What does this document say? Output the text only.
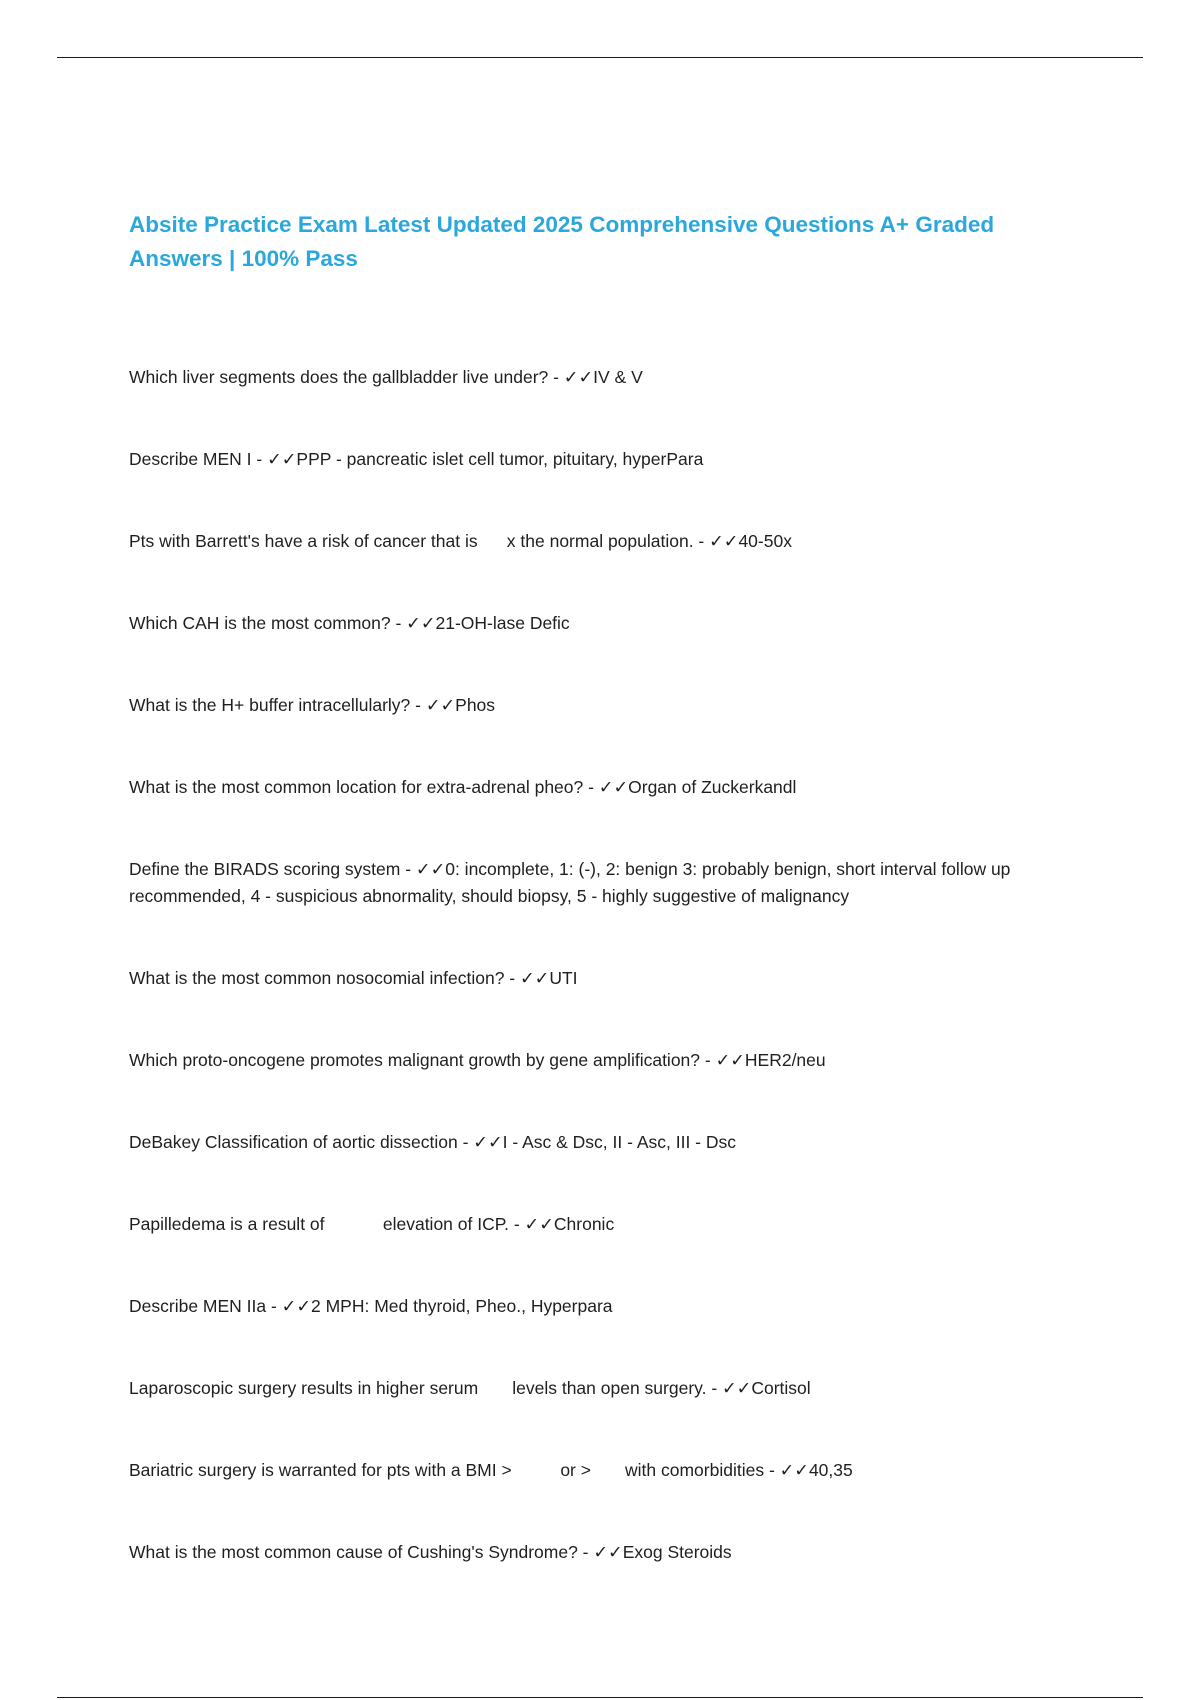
Absite Practice Exam Latest Updated 2025 Comprehensive Questions A+ Graded Answers | 100% Pass

Which liver segments does the gallbladder live under? - ✓✓IV & V

Describe MEN I - ✓✓PPP - pancreatic islet cell tumor, pituitary, hyperPara

Pts with Barrett's have a risk of cancer that is      x the normal population. - ✓✓40-50x

Which CAH is the most common? - ✓✓21-OH-lase Defic

What is the H+ buffer intracellularly? - ✓✓Phos

What is the most common location for extra-adrenal pheo? - ✓✓Organ of Zuckerkandl

Define the BIRADS scoring system - ✓✓0: incomplete, 1: (-), 2: benign 3: probably benign, short interval follow up recommended, 4 - suspicious abnormality, should biopsy, 5 - highly suggestive of malignancy

What is the most common nosocomial infection? - ✓✓UTI

Which proto-oncogene promotes malignant growth by gene amplification? - ✓✓HER2/neu

DeBakey Classification of aortic dissection - ✓✓I - Asc & Dsc, II - Asc, III - Dsc

Papilledema is a result of            elevation of ICP. - ✓✓Chronic

Describe MEN IIa - ✓✓2 MPH: Med thyroid, Pheo., Hyperpara

Laparoscopic surgery results in higher serum       levels than open surgery. - ✓✓Cortisol

Bariatric surgery is warranted for pts with a BMI >          or >       with comorbidities - ✓✓40,35

What is the most common cause of Cushing's Syndrome? - ✓✓Exog Steroids
